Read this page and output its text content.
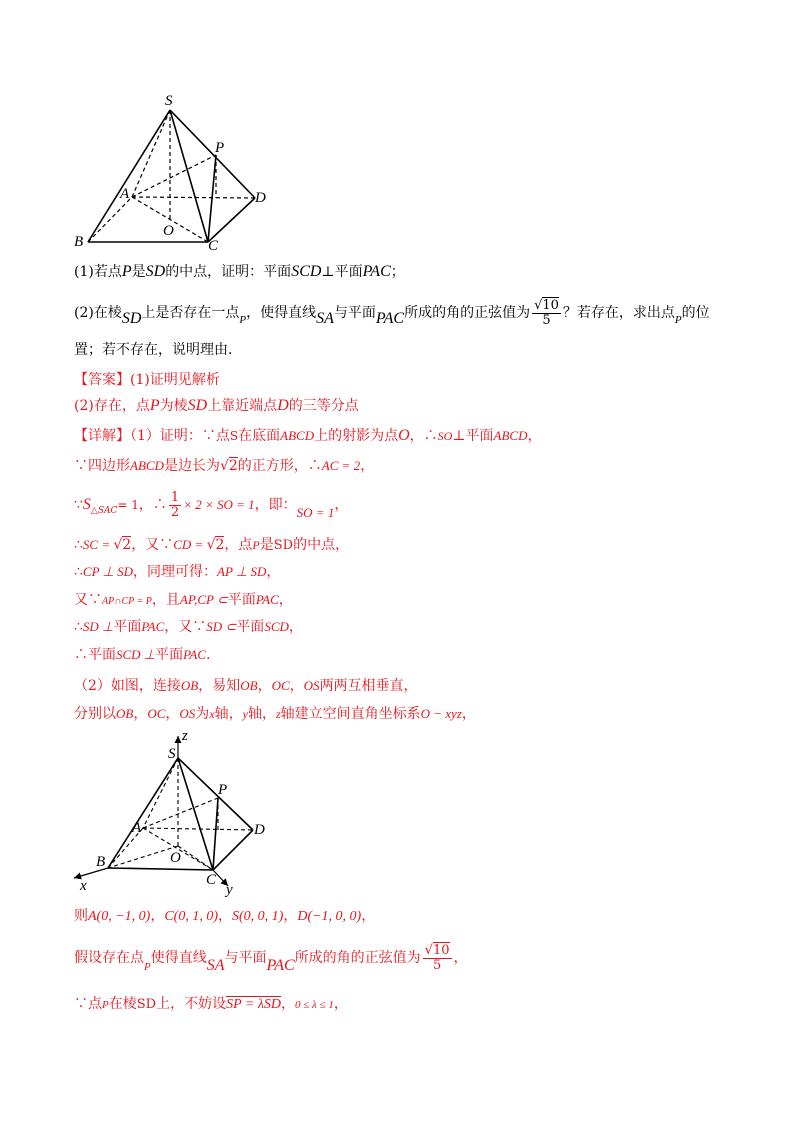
S
P
A	D
O
B	C
(1)若点P是SD的中点，证明：平面SCD⊥平面PAC；
(2)在棱SD上是否存在一点$_P$，使得直线SA与平面PAC所成的角的正弦值为 $\frac{√10}{5}$ ？若存在，求出点$_P$的位
置；若不存在，说明理由.
【答案】(1)证明见解析
(2)存在，点P为棱SD上靠近端点D的三等分点
【详解】（1）证明：∵点S在底面ABCD上的射影为点O，∴SO⊥平面ABCD，
∵四边形ABCD是边长为√2的正方形，∴AC = 2，
$\because S_{\triangle SAC}= 1$，∴ $\frac{1}{2} \times 2$ × SO = 1，即：SO = 1，
∴SC = √2，又∵CD = √2，点P是SD的中点，
∴CP ⊥ SD，同理可得：AP ⊥ SD，
又∵AP∩CP = P，且AP,CP ⊂平面PAC，
∴SD ⊥平面PAC，又∵SD ⊂平面SCD，
∴平面SCD ⊥平面PAC.
（2）如图，连接OB，易知OB，OC，OS两两互相垂直，
分别以OB，OC，OS为x轴，y轴，z轴建立空间直角坐标系O − xyz，
z
S
P
A	D
O
B
C
x	y
则A(0, −1, 0)，C(0, 1, 0)，S(0, 0, 1)，D(−1, 0, 0)，
假设存在点$_P$使得直线SA与平面PAC所成的角的正弦值为 $\frac{√10}{5}$ ，
∵点P在棱SD上，不妨设SP = λSD，0 ≤ λ ≤ 1，
